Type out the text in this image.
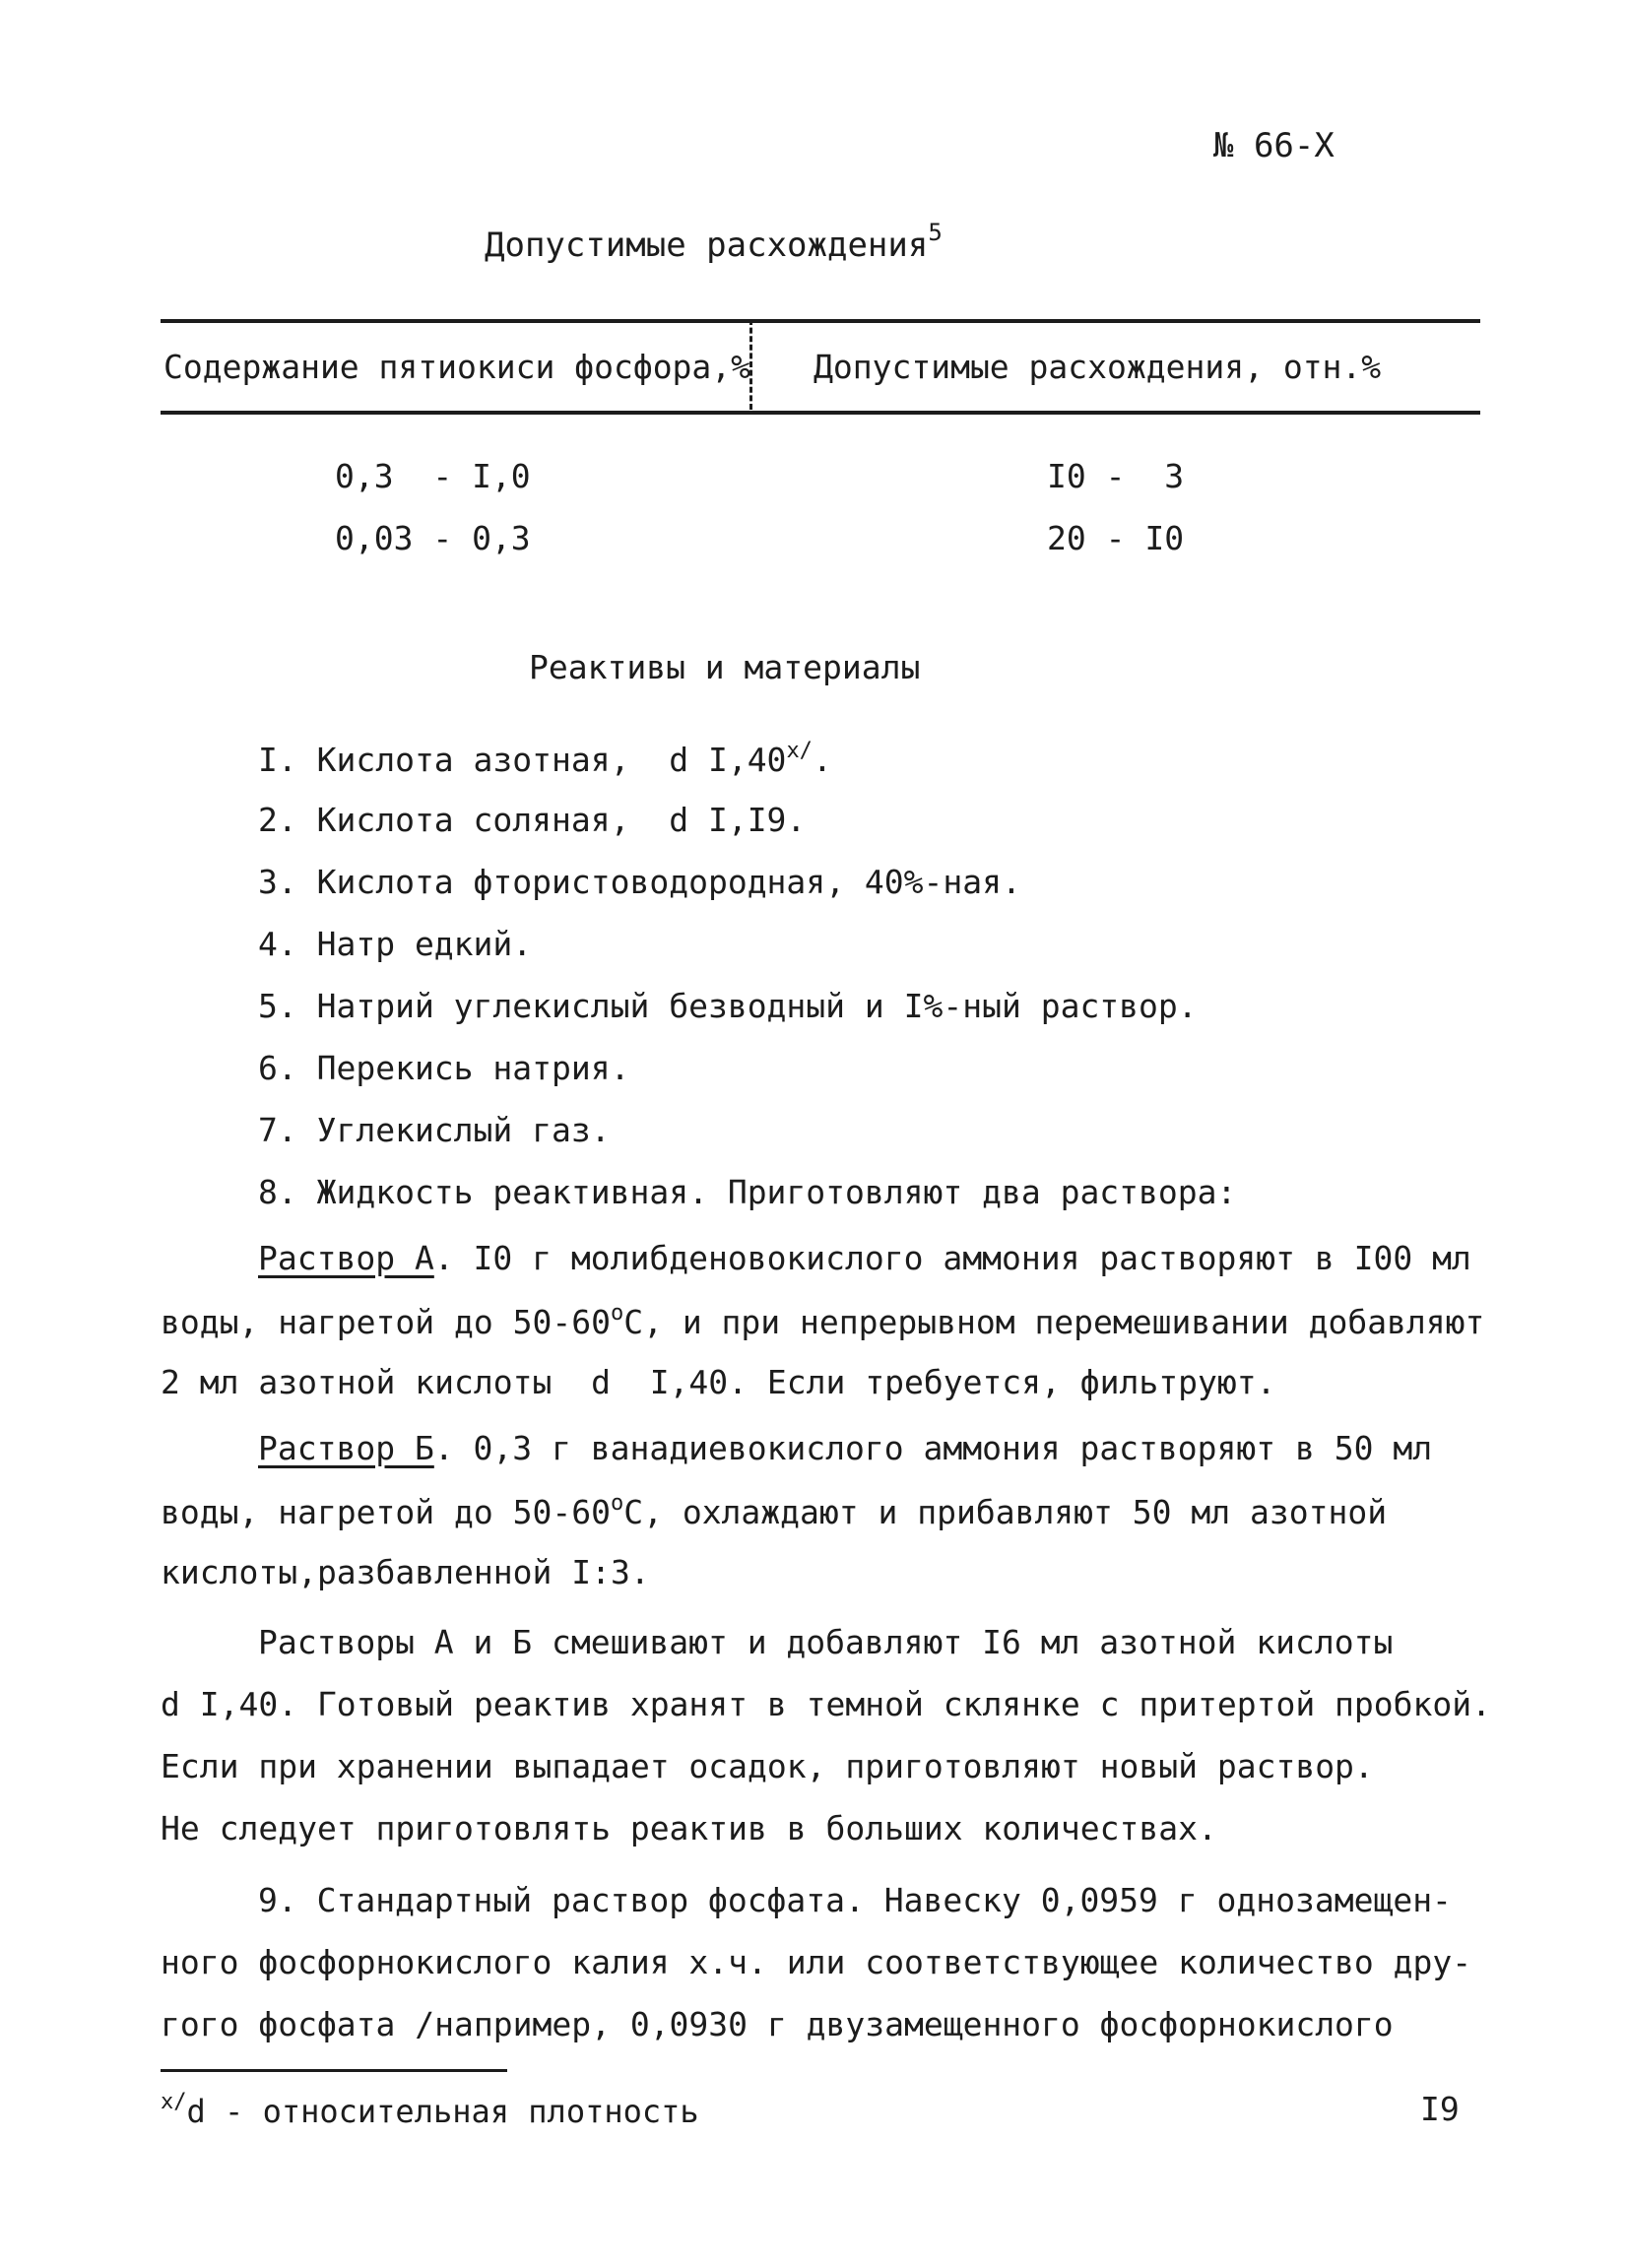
№ 66-Х
Допустимые расхождения$^5$
Содержание пятиокиси фосфора,% Допустимые расхождения, отн.%
0,3  - I,0	I0 -  3
0,03 - 0,3	20 - I0
Реактивы и материалы
I. Кислота азотная,  d $I,40^{x/}$.
2. Кислота соляная,  d I,I9.
3. Кислота фтористоводородная, 40%-ная.
4. Натр едкий.
5. Натрий углекислый безводный и I%-ный раствор.
6. Перекись натрия.
7. Углекислый газ.
8. Жидкость реактивная. Приготовляют два раствора:
Раствор А. I0 г молибденовокислого аммония растворяют в I00 мл
воды, нагретой до $50-60^оС$, и при непрерывном перемешивании добавляют
2 мл азотной кислоты  d  I,40. Если требуется, фильтруют.
Раствор Б. 0,3 г ванадиевокислого аммония растворяют в 50 мл
воды, нагретой до $50-60^оС$, охлаждают и прибавляют 50 мл азотной
кислоты,разбавленной I:3.
Растворы А и Б смешивают и добавляют I6 мл азотной кислоты
d I,40. Готовый реактив хранят в темной склянке с притертой пробкой.
Если при хранении выпадает осадок, приготовляют новый раствор.
Не следует приготовлять реактив в больших количествах.
9. Стандартный раствор фосфата. Навеску 0,0959 г однозамещен-
ного фосфорнокислого калия х.ч. или соответствующее количество дру-
гого фосфата /например, 0,0930 г двузамещенного фосфорнокислого
$^{x/}$d - относительная плотность	I9
